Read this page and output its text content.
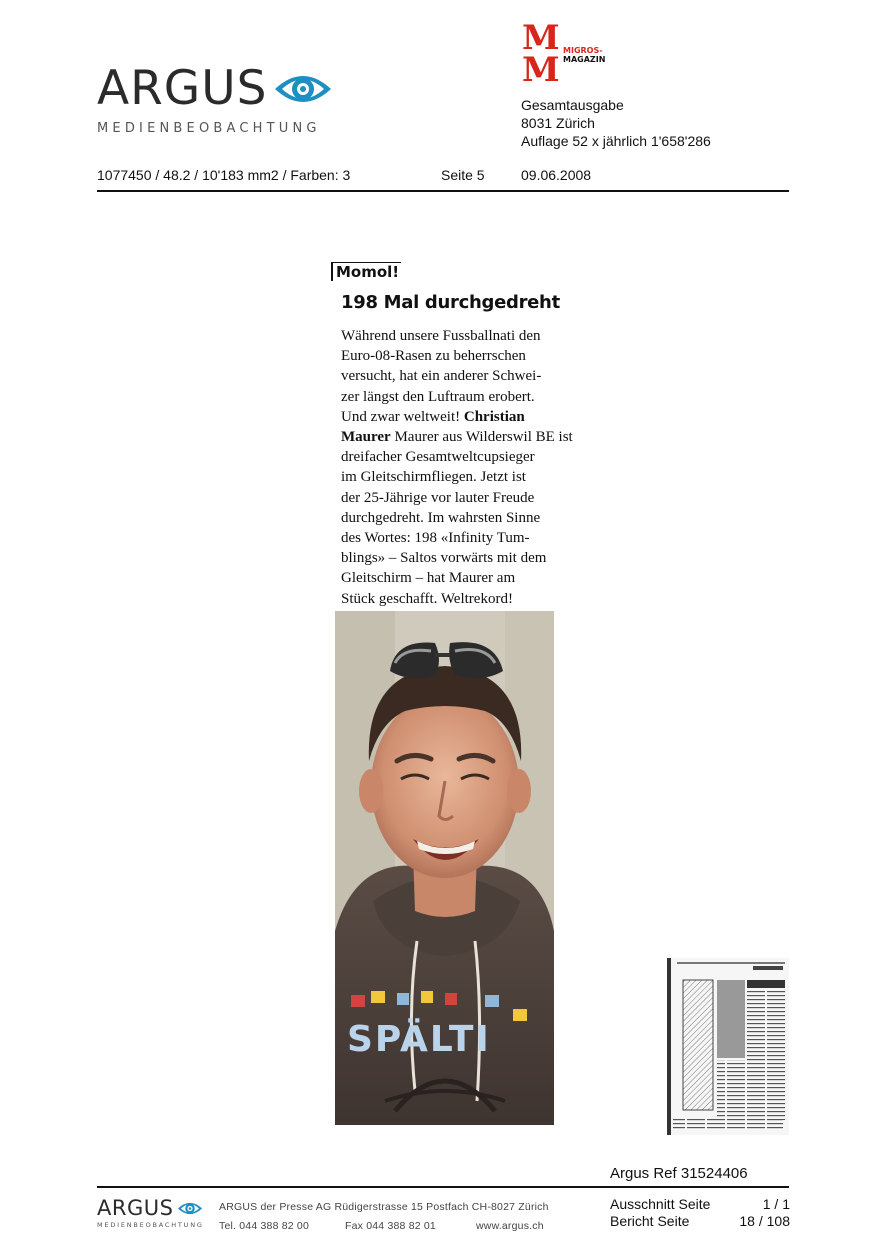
ARGUS
MEDIENBEOBACHTUNG
M
M MIGROS-
MAGAZIN
Gesamtausgabe
8031 Zürich
Auflage 52 x jährlich 1'658'286
1077450 / 48.2 / 10'183 mm2 / Farben: 3	Seite 5	09.06.2008
Momol!
198 Mal durchgedreht
Während unsere Fussballnati den
Euro-08-Rasen zu beherrschen
versucht, hat ein anderer Schwei-
zer längst den Luftraum erobert.
Und zwar weltweit! Christian
Maurer Maurer aus Wilderswil BE ist
dreifacher Gesamtweltcupsieger
im Gleitschirmfliegen. Jetzt ist
der 25-Jährige vor lauter Freude
durchgedreht. Im wahrsten Sinne
des Wortes: 198 «Infinity Tum-
blings» – Saltos vorwärts mit dem
Gleitschirm – hat Maurer am
Stück geschafft. Weltrekord!
SPÄLTI
Argus Ref 31524406
ARGUS
MEDIENBEOBACHTUNG
ARGUS der Presse AG Rüdigerstrasse 15 Postfach CH-8027 Zürich
Tel. 044 388 82 00	Fax 044 388 82 01	www.argus.ch
Ausschnitt Seite	1 / 1
Bericht Seite	18 / 108
